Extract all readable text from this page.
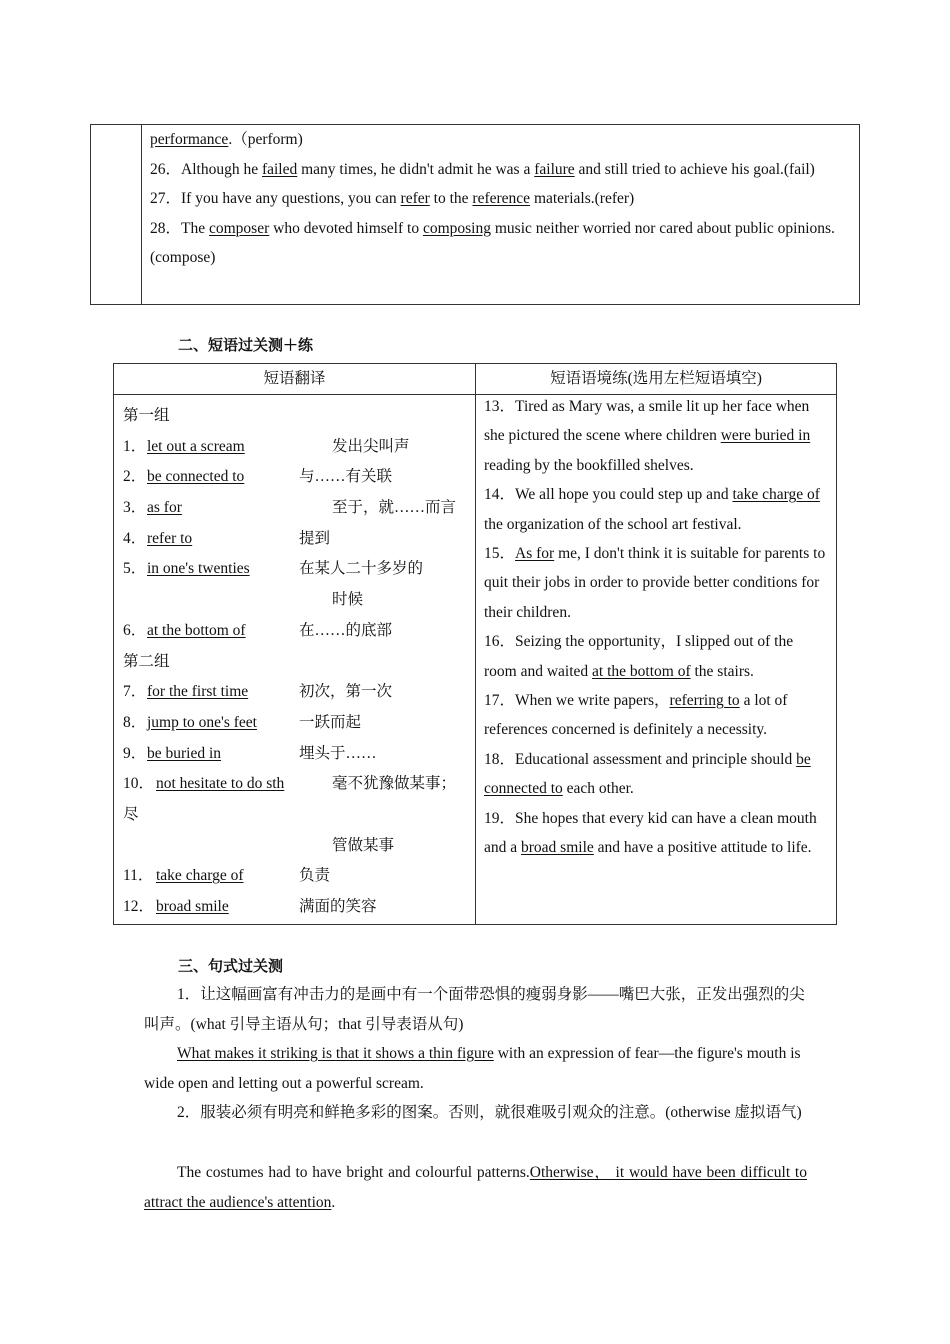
performance.（perform)
26．Although he failed many times, he didn't admit he was a failure and still tried to achieve his goal.(fail)
27．If you have any questions, you can refer to the reference materials.(refer)
28．The composer who devoted himself to composing music neither worried nor cared about public opinions.(compose)
二、短语过关测＋练
短语翻译	短语语境练(选用左栏短语填空)
第一组
1． let out a scream	发出尖叫声
2． be connected to	与……有关联
3． as for	至于，就……而言
4． refer to	提到
5． in one's twenties	在某人二十多岁的
时候
6． at the bottom of	在……的底部
第二组
7． for the first time	初次，第一次
8． jump to one's feet	一跃而起
9． be buried in	埋头于……
10． not hesitate to do sth	毫不犹豫做某事；尽
管做某事
11． take charge of	负责
12． broad smile	满面的笑容
13．Tired as Mary was, a smile lit up her face when she pictured the scene where children were buried in reading by the bookfilled shelves.
14．We all hope you could step up and take charge of the organization of the school art festival.
15．As for me, I don't think it is suitable for parents to quit their jobs in order to provide better conditions for their children.
16．Seizing the opportunity，I slipped out of the room and waited at the bottom of the stairs.
17．When we write papers，referring to a lot of references concerned is definitely a necessity.
18．Educational assessment and principle should be connected to each other.
19．She hopes that every kid can have a clean mouth and a broad smile and have a positive attitude to life.
三、句式过关测
1．让这幅画富有冲击力的是画中有一个面带恐惧的瘦弱身影——嘴巴大张，正发出强烈的尖叫声。(what 引导主语从句；that 引导表语从句)
What makes it striking is that it shows a thin figure with an expression of fear—the figure's mouth is wide open and letting out a powerful scream.
2．服装必须有明亮和鲜艳多彩的图案。否则，就很难吸引观众的注意。(otherwise 虚拟语气)
The costumes had to have bright and colourful patterns.Otherwise， it would have been difficult to attract the audience's attention.
